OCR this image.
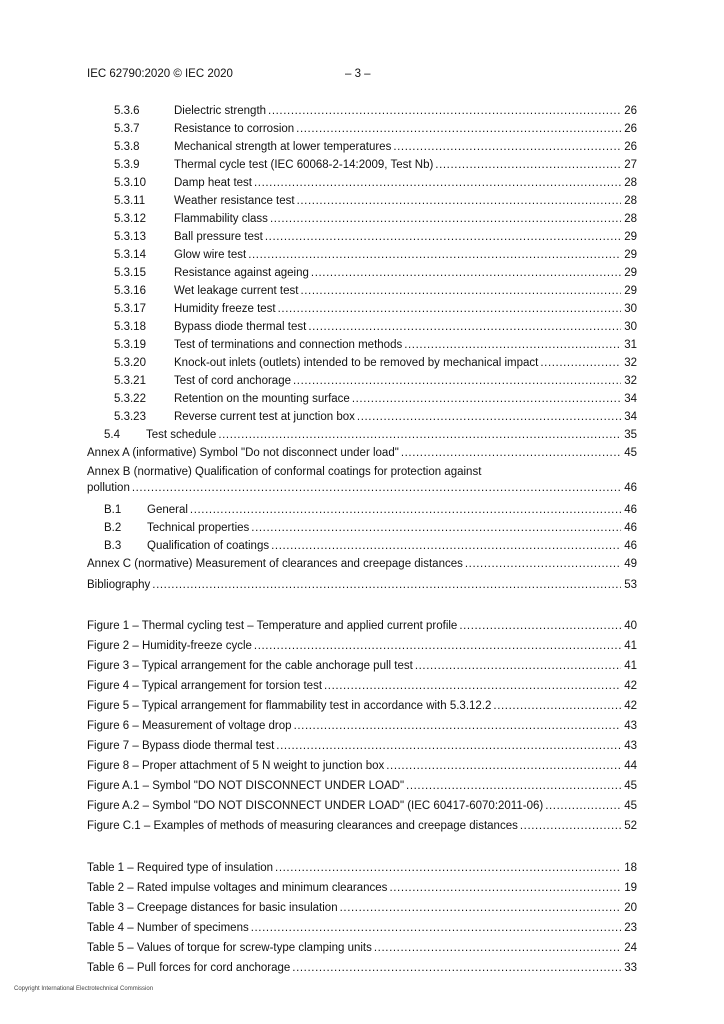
IEC 62790:2020 © IEC 2020	– 3 –
5.3.6	Dielectric strength .....	26
5.3.7	Resistance to corrosion .....	26
5.3.8	Mechanical strength at lower temperatures .....	26
5.3.9	Thermal cycle test (IEC 60068-2-14:2009, Test Nb) .....	27
5.3.10	Damp heat test .....	28
5.3.11	Weather resistance test .....	28
5.3.12	Flammability class .....	28
5.3.13	Ball pressure test .....	29
5.3.14	Glow wire test .....	29
5.3.15	Resistance against ageing .....	29
5.3.16	Wet leakage current test .....	29
5.3.17	Humidity freeze test .....	30
5.3.18	Bypass diode thermal test .....	30
5.3.19	Test of terminations and connection methods .....	31
5.3.20	Knock-out inlets (outlets) intended to be removed by mechanical impact .....	32
5.3.21	Test of cord anchorage .....	32
5.3.22	Retention on the mounting surface .....	34
5.3.23	Reverse current test at junction box .....	34
5.4	Test schedule .....	35
Annex A (informative) Symbol "Do not disconnect under load" .....	45
Annex B (normative) Qualification of conformal coatings for protection against
pollution .....	46
B.1	General .....	46
B.2	Technical properties .....	46
B.3	Qualification of coatings .....	46
Annex C (normative) Measurement of clearances and creepage distances .....	49
Bibliography .....	53
Figure 1 – Thermal cycling test – Temperature and applied current profile .....	40
Figure 2 – Humidity-freeze cycle .....	41
Figure 3 – Typical arrangement for the cable anchorage pull test .....	41
Figure 4 – Typical arrangement for torsion test .....	42
Figure 5 – Typical arrangement for flammability test in accordance with 5.3.12.2 .....	42
Figure 6 – Measurement of voltage drop .....	43
Figure 7 – Bypass diode thermal test .....	43
Figure 8 – Proper attachment of 5 N weight to junction box .....	44
Figure A.1 – Symbol "DO NOT DISCONNECT UNDER LOAD" .....	45
Figure A.2 – Symbol "DO NOT DISCONNECT UNDER LOAD" (IEC 60417-6070:2011-06) .....	45
Figure C.1 – Examples of methods of measuring clearances and creepage distances .....	52
Table 1 – Required type of insulation .....	18
Table 2 – Rated impulse voltages and minimum clearances .....	19
Table 3 – Creepage distances for basic insulation .....	20
Table 4 – Number of specimens .....	23
Table 5 – Values of torque for screw-type clamping units .....	24
Table 6 – Pull forces for cord anchorage .....	33
Copyright International Electrotechnical Commission
